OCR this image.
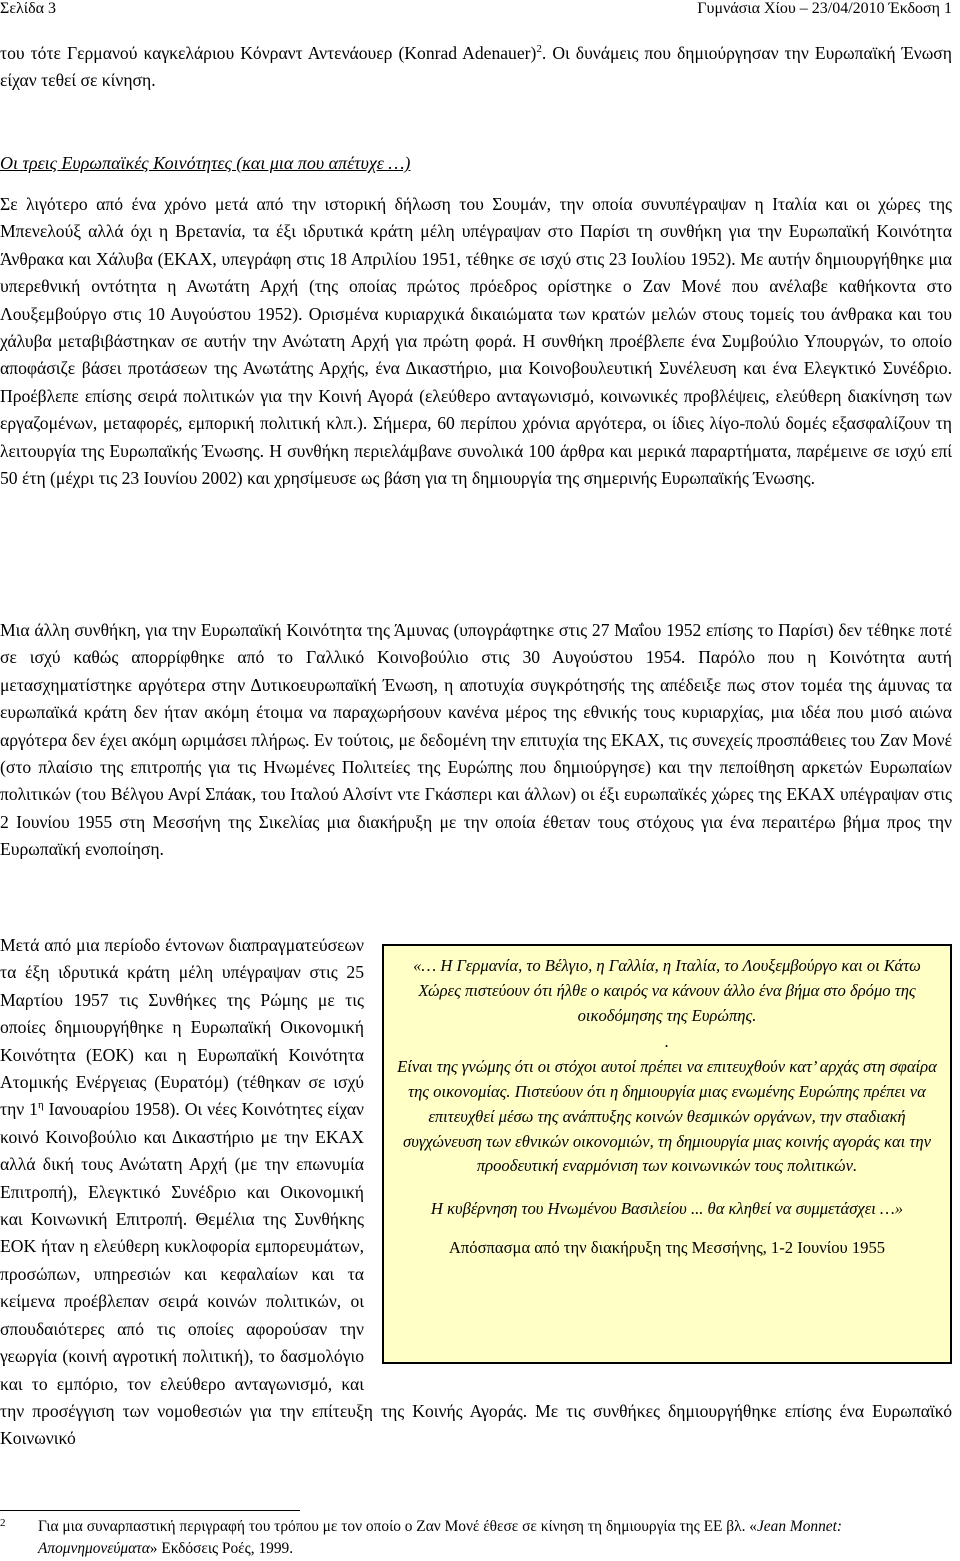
Σελίδα 3	Γυμνάσια Χίου – 23/04/2010 Έκδοση 1

του τότε Γερμανού καγκελάριου Κόνραντ Αντενάουερ (Konrad Adenauer)$^2$. Οι δυνάμεις που δημιούργησαν την Ευρωπαϊκή Ένωση είχαν τεθεί σε κίνηση.

Οι τρεις Ευρωπαϊκές Κοινότητες (και μια που απέτυχε …)

Σε λιγότερο από ένα χρόνο μετά από την ιστορική δήλωση του Σουμάν, την οποία συνυπέγραψαν η Ιταλία και οι χώρες της Μπενελούξ αλλά όχι η Βρετανία, τα έξι ιδρυτικά κράτη μέλη υπέγραψαν στο Παρίσι τη συνθήκη για την Ευρωπαϊκή Κοινότητα Άνθρακα και Χάλυβα (ΕΚΑΧ, υπεγράφη στις 18 Απριλίου 1951, τέθηκε σε ισχύ στις 23 Ιουλίου 1952). Με αυτήν δημιουργήθηκε μια υπερεθνική οντότητα η Ανωτάτη Αρχή (της οποίας πρώτος πρόεδρος ορίστηκε ο Ζαν Μονέ που ανέλαβε καθήκοντα στο Λουξεμβούργο στις 10 Αυγούστου 1952). Ορισμένα κυριαρχικά δικαιώματα των κρατών μελών στους τομείς του άνθρακα και του χάλυβα μεταβιβάστηκαν σε αυτήν την Ανώτατη Αρχή για πρώτη φορά. Η συνθήκη προέβλεπε ένα Συμβούλιο Υπουργών, το οποίο αποφάσιζε βάσει προτάσεων της Ανωτάτης Αρχής, ένα Δικαστήριο, μια Κοινοβουλευτική Συνέλευση και ένα Ελεγκτικό Συνέδριο. Προέβλεπε επίσης σειρά πολιτικών για την Κοινή Αγορά (ελεύθερο ανταγωνισμό, κοινωνικές προβλέψεις, ελεύθερη διακίνηση των εργαζομένων, μεταφορές, εμπορική πολιτική κλπ.). Σήμερα, 60 περίπου χρόνια αργότερα, οι ίδιες λίγο-πολύ δομές εξασφαλίζουν τη λειτουργία της Ευρωπαϊκής Ένωσης. Η συνθήκη περιελάμβανε συνολικά 100 άρθρα και μερικά παραρτήματα, παρέμεινε σε ισχύ επί 50 έτη (μέχρι τις 23 Ιουνίου 2002) και χρησίμευσε ως βάση για τη δημιουργία της σημερινής Ευρωπαϊκής Ένωσης.

Μια άλλη συνθήκη, για την Ευρωπαϊκή Κοινότητα της Άμυνας (υπογράφτηκε στις 27 Μαΐου 1952 επίσης το Παρίσι) δεν τέθηκε ποτέ σε ισχύ καθώς απορρίφθηκε από το Γαλλικό Κοινοβούλιο στις 30 Αυγούστου 1954. Παρόλο που η Κοινότητα αυτή μετασχηματίστηκε αργότερα στην Δυτικοευρωπαϊκή Ένωση, η αποτυχία συγκρότησής της απέδειξε πως στον τομέα της άμυνας τα ευρωπαϊκά κράτη δεν ήταν ακόμη έτοιμα να παραχωρήσουν κανένα μέρος της εθνικής τους κυριαρχίας, μια ιδέα που μισό αιώνα αργότερα δεν έχει ακόμη ωριμάσει πλήρως. Εν τούτοις, με δεδομένη την επιτυχία της ΕΚΑΧ, τις συνεχείς προσπάθειες του Ζαν Μονέ (στο πλαίσιο της επιτροπής για τις Ηνωμένες Πολιτείες της Ευρώπης που δημιούργησε) και την πεποίθηση αρκετών Ευρωπαίων πολιτικών (του Βέλγου Ανρί Σπάακ, του Ιταλού Αλσίντ ντε Γκάσπερι και άλλων) οι έξι ευρωπαϊκές χώρες της ΕΚΑΧ υπέγραψαν στις 2 Ιουνίου 1955 στη Μεσσήνη της Σικελίας μια διακήρυξη με την οποία έθεταν τους στόχους για ένα περαιτέρω βήμα προς την Ευρωπαϊκή ενοποίηση.

«… Η Γερμανία, το Βέλγιο, η Γαλλία, η Ιταλία, το Λουξεμβούργο και οι Κάτω Χώρες πιστεύουν ότι ήλθε ο καιρός να κάνουν άλλο ένα βήμα στο δρόμο της οικοδόμησης της Ευρώπης.

.

Είναι της γνώμης ότι οι στόχοι αυτοί πρέπει να επιτευχθούν κατ’ αρχάς στη σφαίρα της οικονομίας. Πιστεύουν ότι η δημιουργία μιας ενωμένης Ευρώπης πρέπει να επιτευχθεί μέσω της ανάπτυξης κοινών θεσμικών οργάνων, την σταδιακή συγχώνευση των εθνικών οικονομιών, τη δημιουργία μιας κοινής αγοράς και την προοδευτική εναρμόνιση των κοινωνικών τους πολιτικών.

Η κυβέρνηση του Ηνωμένου Βασιλείου ... θα κληθεί να συμμετάσχει …»

Απόσπασμα από την διακήρυξη της Μεσσήνης, 1-2 Ιουνίου 1955

Μετά από μια περίοδο έντονων διαπραγματεύσεων τα έξη ιδρυτικά κράτη μέλη υπέγραψαν στις 25 Μαρτίου 1957 τις Συνθήκες της Ρώμης με τις οποίες δημιουργήθηκε η Ευρωπαϊκή Οικονομική Κοινότητα (ΕΟΚ) και η Ευρωπαϊκή Κοινότητα Ατομικής Ενέργειας (Ευρατόμ) (τέθηκαν σε ισχύ την $1^\eta$ Ιανουαρίου 1958). Οι νέες Κοινότητες είχαν κοινό Κοινοβούλιο και Δικαστήριο με την ΕΚΑΧ αλλά δική τους Ανώτατη Αρχή (με την επωνυμία Επιτροπή), Ελεγκτικό Συνέδριο και Οικονομική και Κοινωνική Επιτροπή. Θεμέλια της Συνθήκης ΕΟΚ ήταν η ελεύθερη κυκλοφορία εμπορευμάτων, προσώπων, υπηρεσιών και κεφαλαίων και τα κείμενα προέβλεπαν σειρά κοινών πολιτικών, οι σπουδαιότερες από τις οποίες αφορούσαν την γεωργία (κοινή αγροτική πολιτική), το δασμολόγιο και το εμπόριο, τον ελεύθερο ανταγωνισμό, και την προσέγγιση των νομοθεσιών για την επίτευξη της Κοινής Αγοράς. Με τις συνθήκες δημιουργήθηκε επίσης ένα Ευρωπαϊκό Κοινωνικό

2 Για μια συναρπαστική περιγραφή του τρόπου με τον οποίο ο Ζαν Μονέ έθεσε σε κίνηση τη δημιουργία της ΕΕ βλ. «Jean Monnet: Απομνημονεύματα» Εκδόσεις Ροές, 1999.
